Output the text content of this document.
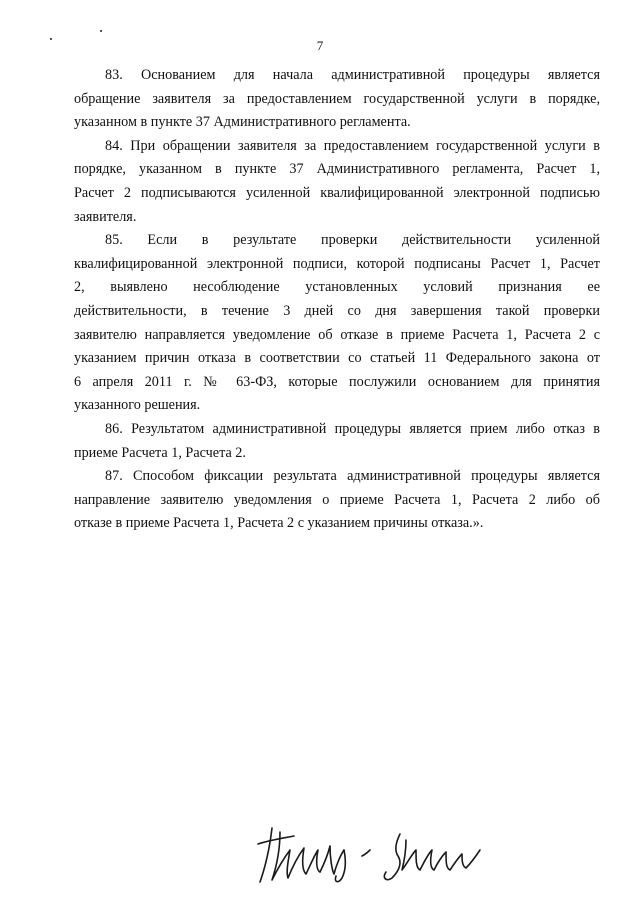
7

83. Основанием для начала административной процедуры является
обращение заявителя за предоставлением государственной услуги в порядке,
указанном в пункте 37 Административного регламента.

84. При обращении заявителя за предоставлением государственной услуги в
порядке, указанном в пункте 37 Административного регламента, Расчет 1,
Расчет 2 подписываются усиленной квалифицированной электронной подписью
заявителя.

85. Если в результате проверки действительности усиленной
квалифицированной электронной подписи, которой подписаны Расчет 1, Расчет
2, выявлено несоблюдение установленных условий признания ее
действительности, в течение 3 дней со дня завершения такой проверки
заявителю направляется уведомление об отказе в приеме Расчета 1, Расчета 2 с
указанием причин отказа в соответствии со статьей 11 Федерального закона от
6 апреля 2011 г. № 63-ФЗ, которые послужили основанием для принятия
указанного решения.

86. Результатом административной процедуры является прием либо отказ в
приеме Расчета 1, Расчета 2.

87. Способом фиксации результата административной процедуры является
направление заявителю уведомления о приеме Расчета 1, Расчета 2 либо об
отказе в приеме Расчета 1, Расчета 2 с указанием причины отказа.».
